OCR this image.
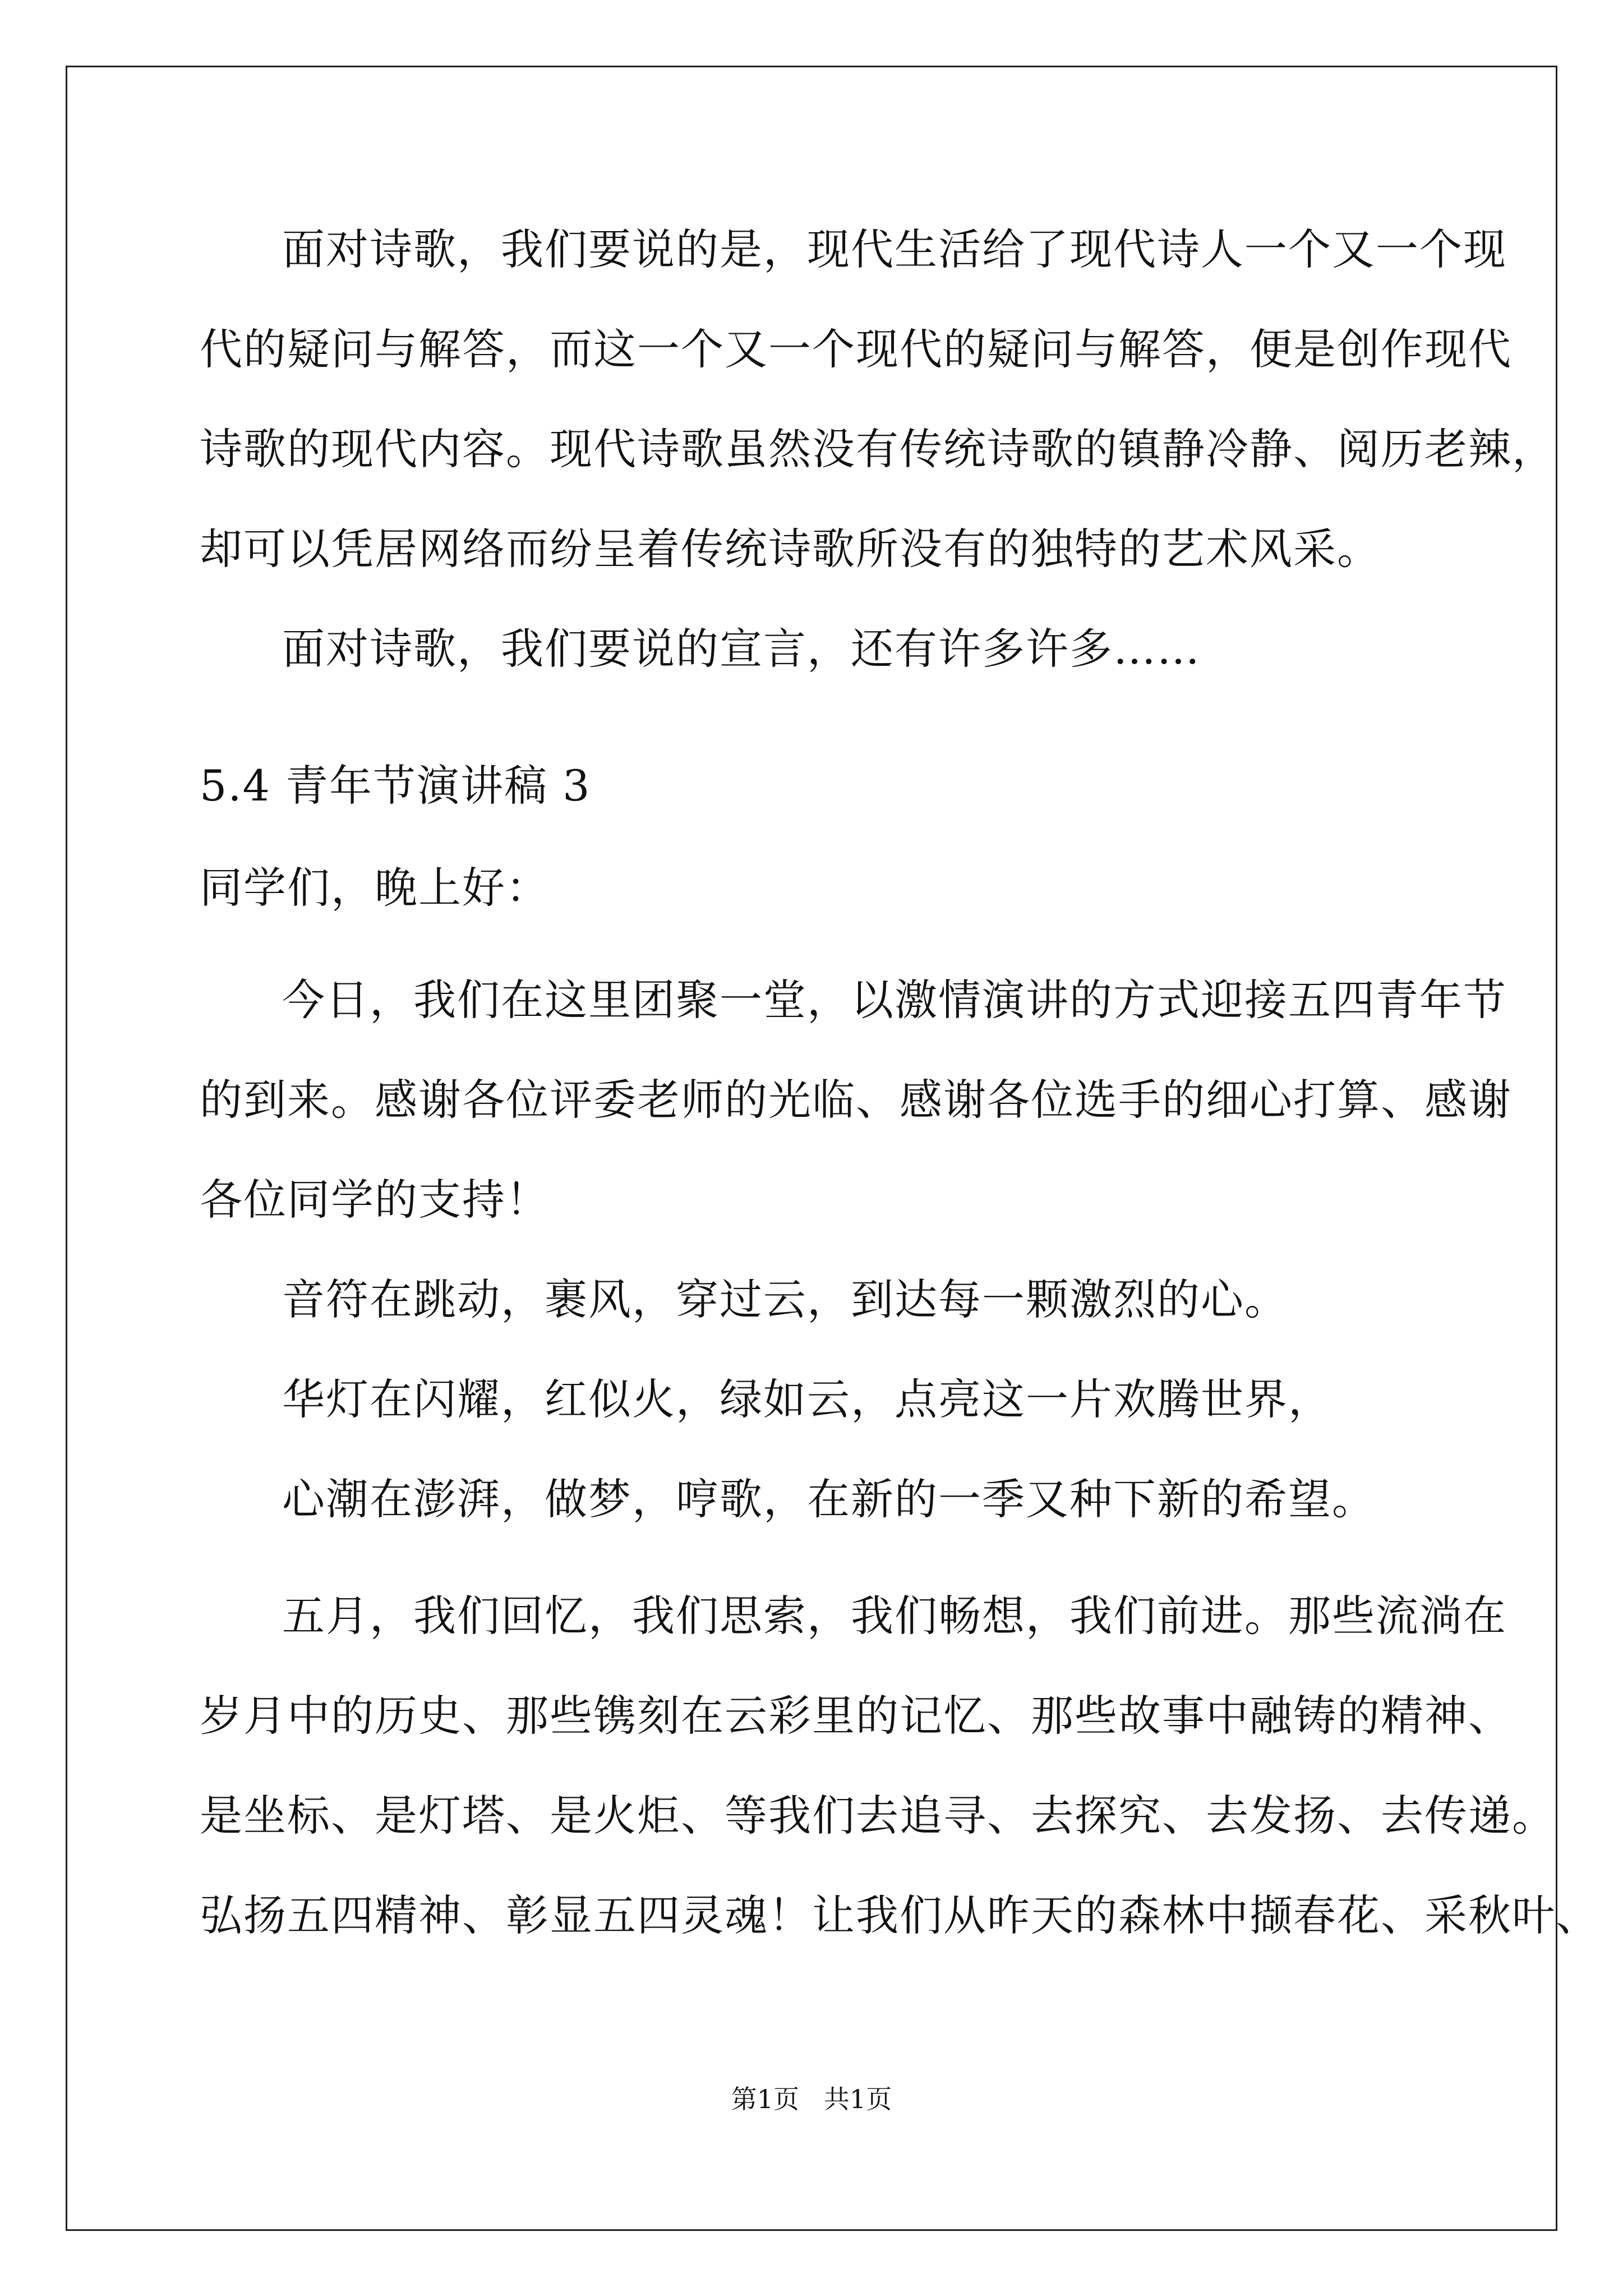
面对诗歌，我们要说的是，现代生活给了现代诗人一个又一个现
代的疑问与解答，而这一个又一个现代的疑问与解答，便是创作现代
诗歌的现代内容。现代诗歌虽然没有传统诗歌的镇静冷静、阅历老辣，
却可以凭居网络而纷呈着传统诗歌所没有的独特的艺术风采。
面对诗歌，我们要说的宣言，还有许多许多……
5.4 青年节演讲稿 3
同学们，晚上好：
今日，我们在这里团聚一堂，以激情演讲的方式迎接五四青年节
的到来。感谢各位评委老师的光临、感谢各位选手的细心打算、感谢
各位同学的支持！
音符在跳动，裹风，穿过云，到达每一颗激烈的心。
华灯在闪耀，红似火，绿如云，点亮这一片欢腾世界，
心潮在澎湃，做梦，哼歌，在新的一季又种下新的希望。
五月，我们回忆，我们思索，我们畅想，我们前进。那些流淌在
岁月中的历史、那些镌刻在云彩里的记忆、那些故事中融铸的精神、
是坐标、是灯塔、是火炬、等我们去追寻、去探究、去发扬、去传递。
弘扬五四精神、彰显五四灵魂！让我们从昨天的森林中撷春花、采秋叶、
第1页   共1页
